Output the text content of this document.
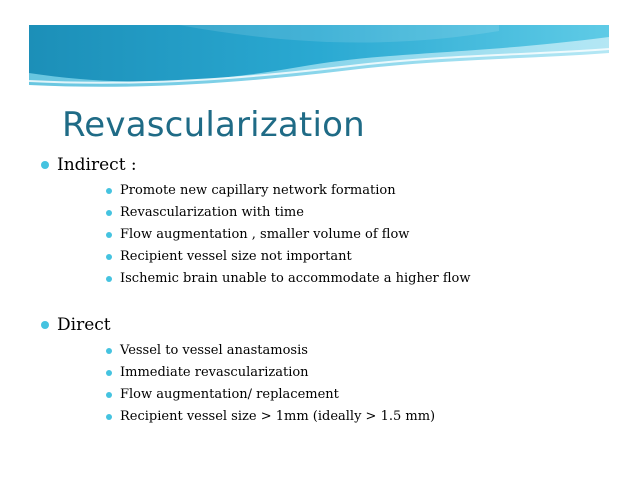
Revascularization
Indirect :
Promote new capillary network formation
Revascularization with time
Flow augmentation , smaller volume of flow
Recipient vessel size not important
Ischemic brain unable to accommodate a higher flow
Direct
Vessel to vessel anastamosis
Immediate revascularization
Flow augmentation/ replacement
Recipient vessel size > 1mm (ideally > 1.5 mm)
